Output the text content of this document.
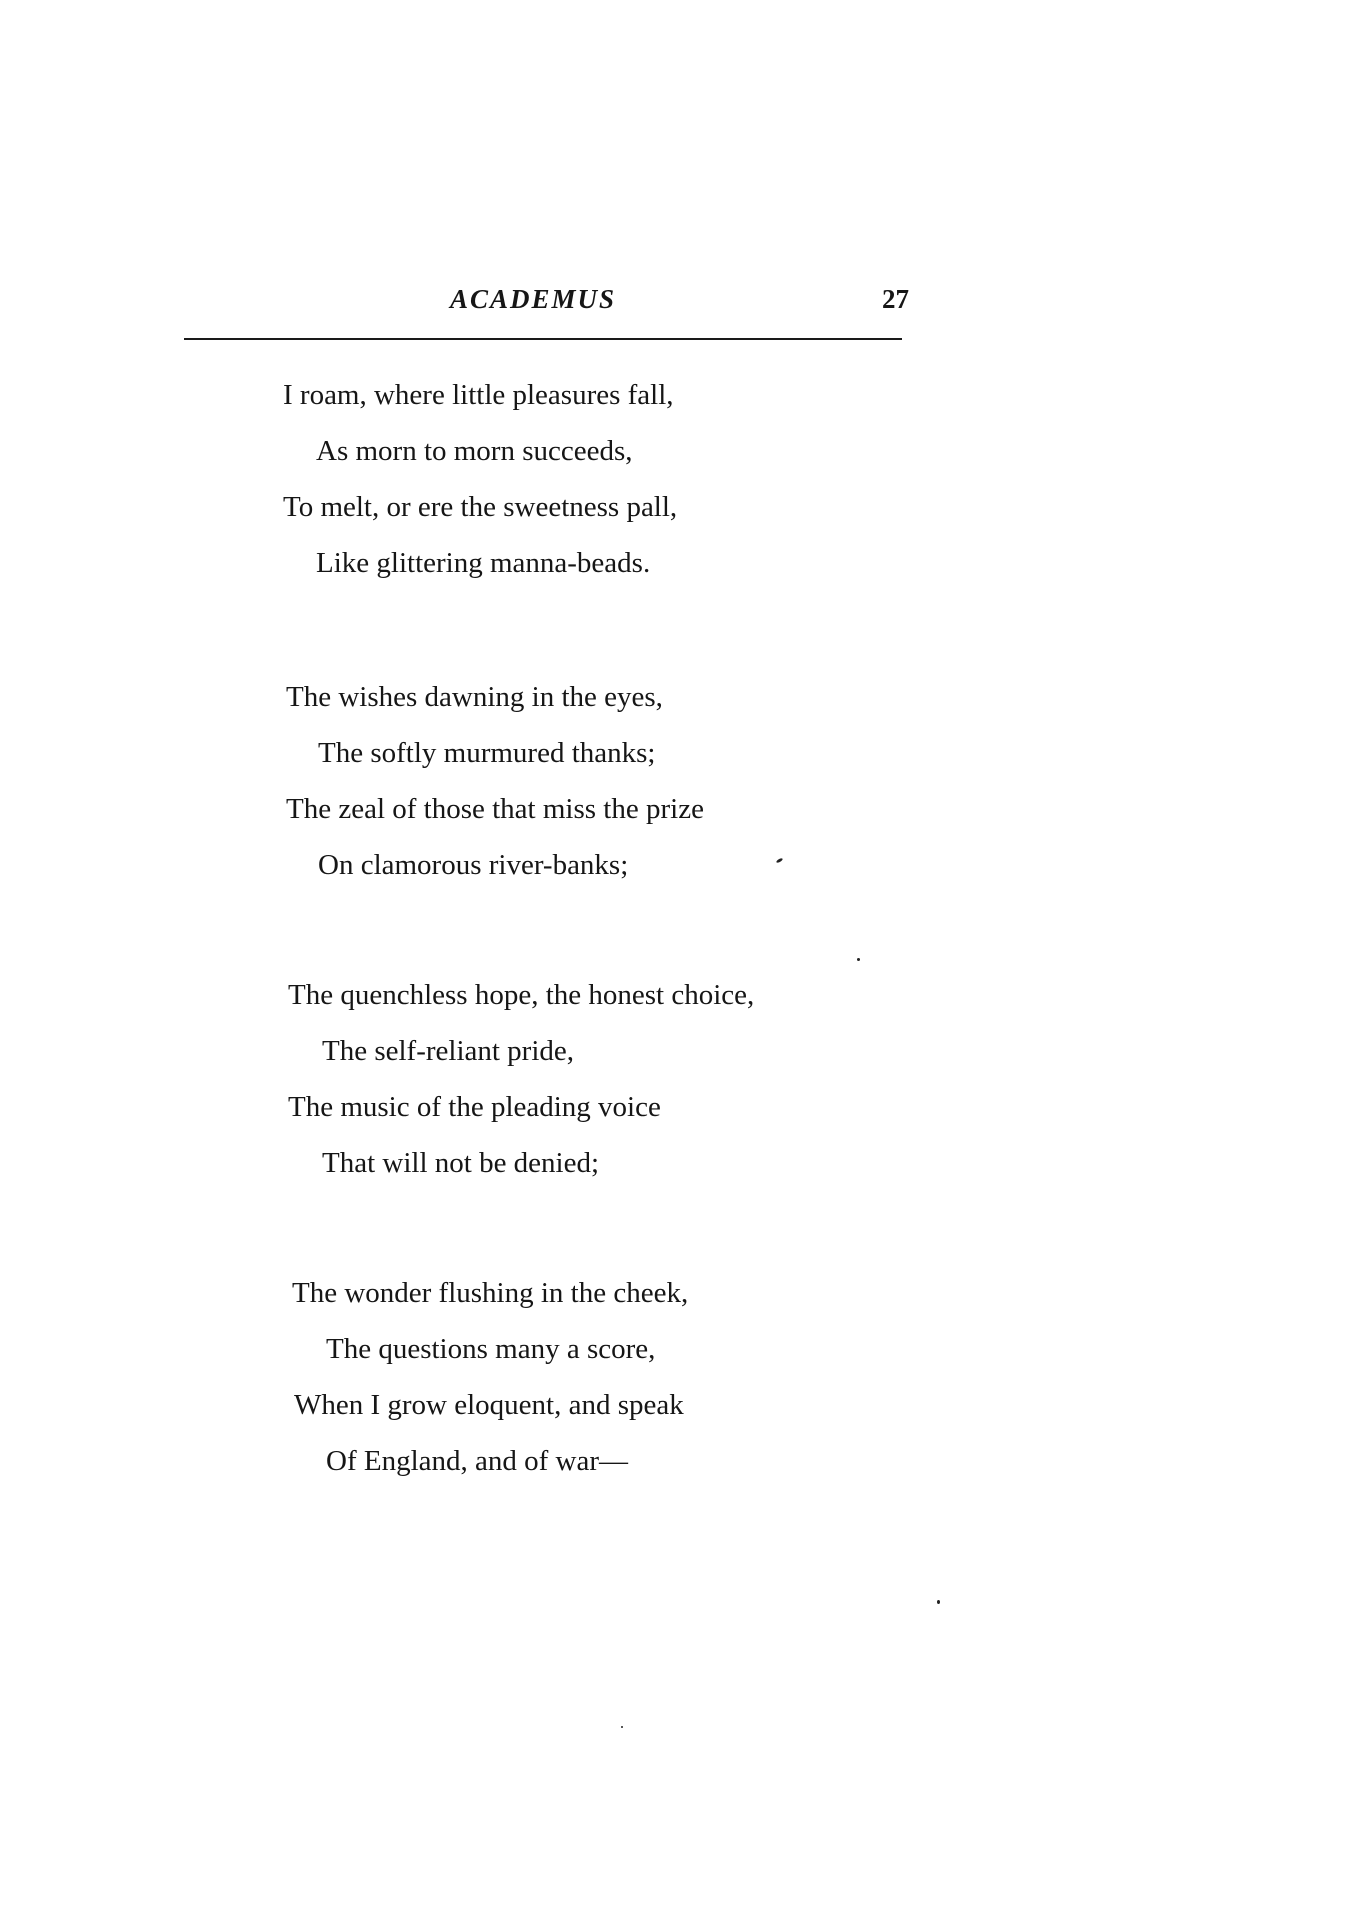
ACADEMUS	27
I roam, where little pleasures fall,
As morn to morn succeeds,
To melt, or ere the sweetness pall,
Like glittering manna-beads.
The wishes dawning in the eyes,
The softly murmured thanks;
The zeal of those that miss the prize
On clamorous river-banks;
The quenchless hope, the honest choice,
The self-reliant pride,
The music of the pleading voice
That will not be denied;
The wonder flushing in the cheek,
The questions many a score,
When I grow eloquent, and speak
Of England, and of war—
